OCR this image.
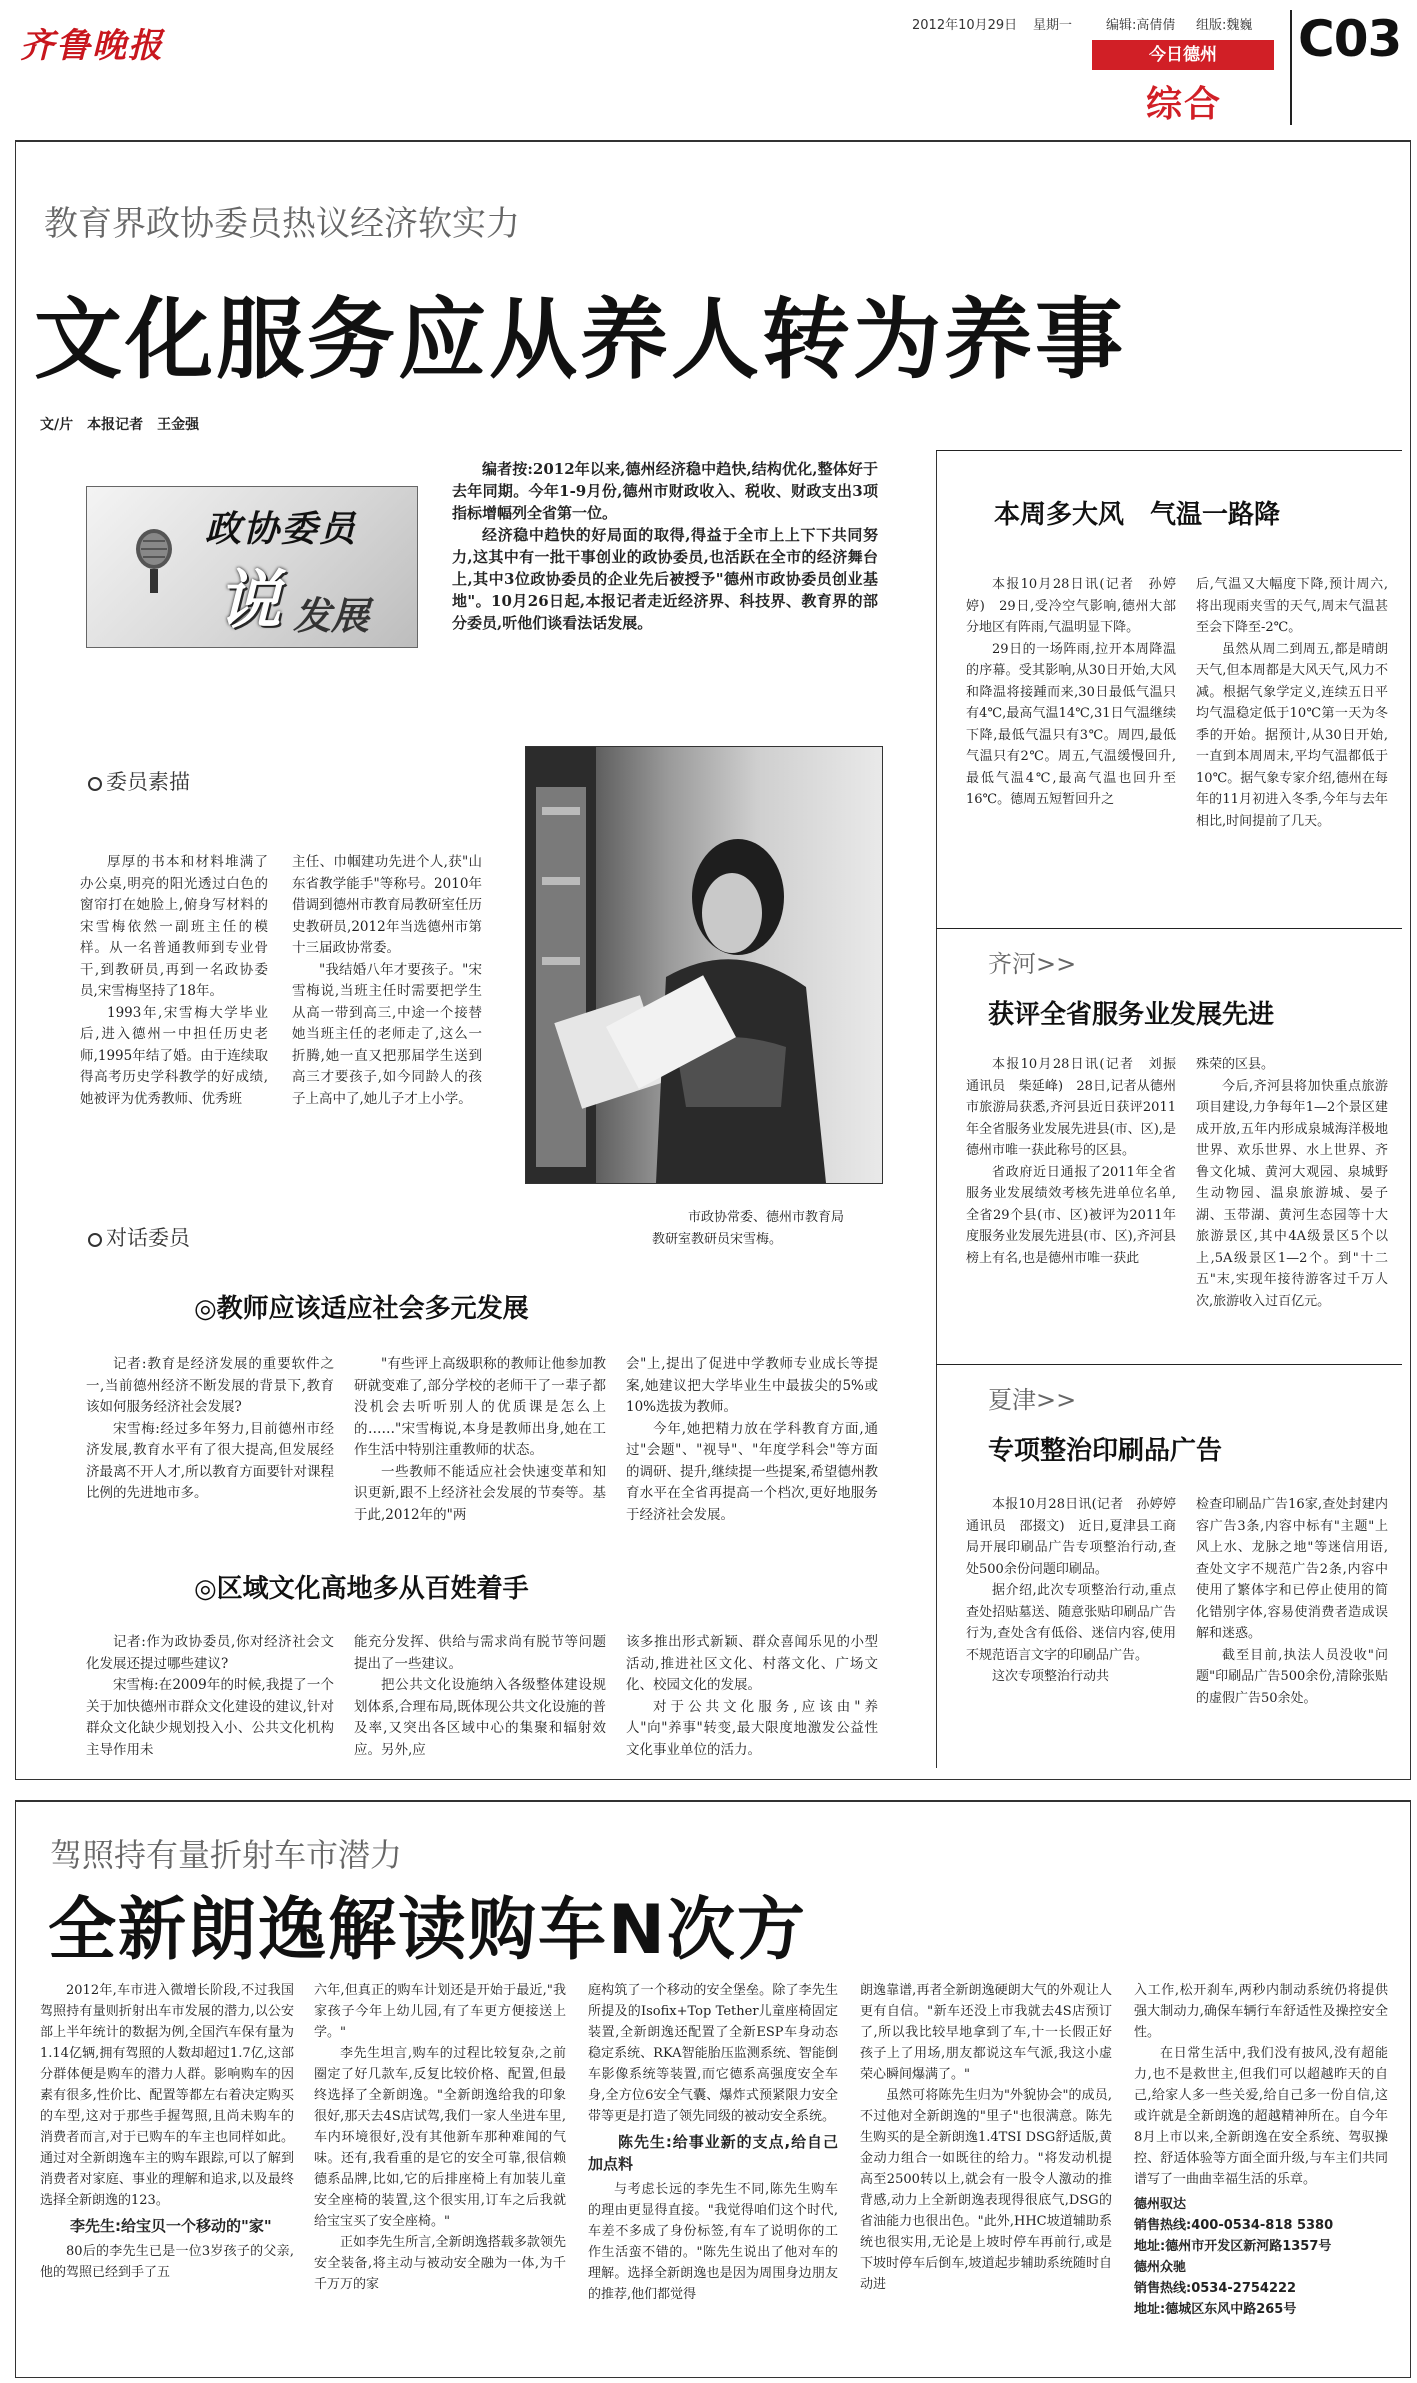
齐鲁晚报
2012年10月29日 星期一	编辑:高倩倩 组版:魏巍
今日德州
综合
C03
教育界政协委员热议经济软实力
文化服务应从养人转为养事
文/片　本报记者　王金强
政协委员
说 发展

编者按:2012年以来,德州经济稳中趋快,结构优化,整体好于去年同期。今年1-9月份,德州市财政收入、税收、财政支出3项指标增幅列全省第一位。

经济稳中趋快的好局面的取得,得益于全市上上下下共同努力,这其中有一批干事创业的政协委员,也活跃在全市的经济舞台上,其中3位政协委员的企业先后被授予"德州市政协委员创业基地"。10月26日起,本报记者走近经济界、科技界、教育界的部分委员,听他们谈看法话发展。

委员素描

厚厚的书本和材料堆满了办公桌,明亮的阳光透过白色的窗帘打在她脸上,俯身写材料的宋雪梅依然一副班主任的模样。从一名普通教师到专业骨干,到教研员,再到一名政协委员,宋雪梅坚持了18年。

1993年,宋雪梅大学毕业后,进入德州一中担任历史老师,1995年结了婚。由于连续取得高考历史学科教学的好成绩,她被评为优秀教师、优秀班

主任、巾帼建功先进个人,获"山东省教学能手"等称号。2010年借调到德州市教育局教研室任历史教研员,2012年当选德州市第十三届政协常委。

"我结婚八年才要孩子。"宋雪梅说,当班主任时需要把学生从高一带到高三,中途一个接替她当班主任的老师走了,这么一折腾,她一直又把那届学生送到高三才要孩子,如今同龄人的孩子上高中了,她儿子才上小学。

市政协常委、德州市教育局
教研室教研员宋雪梅。
对话委员
◎教师应该适应社会多元发展

记者:教育是经济发展的重要软件之一,当前德州经济不断发展的背景下,教育该如何服务经济社会发展?

宋雪梅:经过多年努力,目前德州市经济发展,教育水平有了很大提高,但发展经济最离不开人才,所以教育方面要针对课程比例的先进地市多。

"有些评上高级职称的教师让他参加教研就变难了,部分学校的老师干了一辈子都没机会去听听别人的优质课是怎么上的……"宋雪梅说,本身是教师出身,她在工作生活中特别注重教师的状态。

一些教师不能适应社会快速变革和知识更新,跟不上经济社会发展的节奏等。基于此,2012年的"两

会"上,提出了促进中学教师专业成长等提案,她建议把大学毕业生中最拔尖的5%或10%选拔为教师。

今年,她把精力放在学科教育方面,通过"会题"、"视导"、"年度学科会"等方面的调研、提升,继续提一些提案,希望德州教育水平在全省再提高一个档次,更好地服务于经济社会发展。

◎区域文化高地多从百姓着手

记者:作为政协委员,你对经济社会文化发展还提过哪些建议?

宋雪梅:在2009年的时候,我提了一个关于加快德州市群众文化建设的建议,针对群众文化缺少规划投入小、公共文化机构主导作用未

能充分发挥、供给与需求尚有脱节等问题提出了一些建议。

把公共文化设施纳入各级整体建设规划体系,合理布局,既体现公共文化设施的普及率,又突出各区域中心的集聚和辐射效应。另外,应

该多推出形式新颖、群众喜闻乐见的小型活动,推进社区文化、村落文化、广场文化、校园文化的发展。

对于公共文化服务,应该由"养人"向"养事"转变,最大限度地激发公益性文化事业单位的活力。

本周多大风　气温一路降

本报10月28日讯(记者　孙婷婷)　29日,受冷空气影响,德州大部分地区有阵雨,气温明显下降。

29日的一场阵雨,拉开本周降温的序幕。受其影响,从30日开始,大风和降温将接踵而来,30日最低气温只有4℃,最高气温14℃,31日气温继续下降,最低气温只有3℃。周四,最低气温只有2℃。周五,气温缓慢回升,最低气温4℃,最高气温也回升至16℃。德周五短暂回升之

后,气温又大幅度下降,预计周六,将出现雨夹雪的天气,周末气温甚至会下降至-2℃。

虽然从周二到周五,都是晴朗天气,但本周都是大风天气,风力不减。根据气象学定义,连续五日平均气温稳定低于10℃第一天为冬季的开始。据预计,从30日开始,一直到本周周末,平均气温都低于10℃。据气象专家介绍,德州在每年的11月初进入冬季,今年与去年相比,时间提前了几天。

齐河>>
获评全省服务业发展先进

本报10月28日讯(记者　刘振　通讯员　柴延峰)　28日,记者从德州市旅游局获悉,齐河县近日获评2011年全省服务业发展先进县(市、区),是德州市唯一获此称号的区县。

省政府近日通报了2011年全省服务业发展绩效考核先进单位名单,全省29个县(市、区)被评为2011年度服务业发展先进县(市、区),齐河县榜上有名,也是德州市唯一获此

殊荣的区县。

今后,齐河县将加快重点旅游项目建设,力争每年1—2个景区建成开放,五年内形成泉城海洋极地世界、欢乐世界、水上世界、齐鲁文化城、黄河大观园、泉城野生动物园、温泉旅游城、晏子湖、玉带湖、黄河生态园等十大旅游景区,其中4A级景区5个以上,5A级景区1—2个。到"十二五"末,实现年接待游客过千万人次,旅游收入过百亿元。

夏津>>
专项整治印刷品广告

本报10月28日讯(记者　孙婷婷　通讯员　邵掇文)　近日,夏津县工商局开展印刷品广告专项整治行动,查处500余份问题印刷品。

据介绍,此次专项整治行动,重点查处招贴墓送、随意张贴印刷品广告行为,查处含有低俗、迷信内容,使用不规范语言文字的印刷品广告。

这次专项整治行动共

检查印刷品广告16家,查处封建内容广告3条,内容中标有"主题"上风上水、龙脉之地"等迷信用语,查处文字不规范广告2条,内容中使用了繁体字和已停止使用的简化错别字体,容易使消费者造成误解和迷惑。

截至目前,执法人员没收"问题"印刷品广告500余份,清除张贴的虚假广告50余处。

驾照持有量折射车市潜力
全新朗逸解读购车N次方

2012年,车市进入微增长阶段,不过我国驾照持有量则折射出车市发展的潜力,以公安部上半年统计的数据为例,全国汽车保有量为1.14亿辆,拥有驾照的人数却超过1.7亿,这部分群体便是购车的潜力人群。影响购车的因素有很多,性价比、配置等都左右着决定购买的车型,这对于那些手握驾照,且尚未购车的消费者而言,对于已购车的车主也同样如此。通过对全新朗逸车主的购车跟踪,可以了解到消费者对家庭、事业的理解和追求,以及最终选择全新朗逸的123。

李先生:给宝贝一个移动的"家"

80后的李先生已是一位3岁孩子的父亲,他的驾照已经到手了五

六年,但真正的购车计划还是开始于最近,"我家孩子今年上幼儿园,有了车更方便接送上学。"

李先生坦言,购车的过程比较复杂,之前圈定了好几款车,反复比较价格、配置,但最终选择了全新朗逸。"全新朗逸给我的印象很好,那天去4S店试驾,我们一家人坐进车里,车内环境很好,没有其他新车那种难闻的气味。还有,我看重的是它的安全可靠,很信赖德系品牌,比如,它的后排座椅上有加装儿童安全座椅的装置,这个很实用,订车之后我就给宝宝买了安全座椅。"

正如李先生所言,全新朗逸搭载多款领先安全装备,将主动与被动安全融为一体,为千千万万的家

庭构筑了一个移动的安全堡垒。除了李先生所提及的Isofix+Top Tether儿童座椅固定装置,全新朗逸还配置了全新ESP车身动态稳定系统、RKA智能胎压监测系统、智能倒车影像系统等装置,而它德系高强度安全车身,全方位6安全气囊、爆炸式预紧限力安全带等更是打造了领先同级的被动安全系统。

陈先生:给事业新的支点,给自己加点料

与考虑长远的李先生不同,陈先生购车的理由更显得直接。"我觉得咱们这个时代,车差不多成了身份标签,有车了说明你的工作生活蛮不错的。"陈先生说出了他对车的理解。选择全新朗逸也是因为周围身边朋友的推荐,他们都觉得

朗逸靠谱,再者全新朗逸硬朗大气的外观让人更有自信。"新车还没上市我就去4S店预订了,所以我比较早地拿到了车,十一长假正好孩子上了用场,朋友都说这车气派,我这小虚荣心瞬间爆满了。"

虽然可将陈先生归为"外貌协会"的成员,不过他对全新朗逸的"里子"也很满意。陈先生购买的是全新朗逸1.4TSI DSG舒适版,黄金动力组合一如既往的给力。"将发动机提高至2500转以上,就会有一股令人激动的推背感,动力上全新朗逸表现得很底气,DSG的省油能力也很出色。"此外,HHC坡道辅助系统也很实用,无论是上坡时停车再前行,或是下坡时停车后倒车,坡道起步辅助系统随时自动进

入工作,松开刹车,两秒内制动系统仍将提供强大制动力,确保车辆行车舒适性及操控安全性。

在日常生活中,我们没有披风,没有超能力,也不是救世主,但我们可以超越昨天的自己,给家人多一些关爱,给自己多一份自信,这或许就是全新朗逸的超越精神所在。自今年8月上市以来,全新朗逸在安全系统、驾驭操控、舒适体验等方面全面升级,与车主们共同谱写了一曲曲幸福生活的乐章。

德州驭达
销售热线:400-0534-818 5380
地址:德州市开发区新河路1357号
德州众驰
销售热线:0534-2754222
地址:德城区东风中路265号
